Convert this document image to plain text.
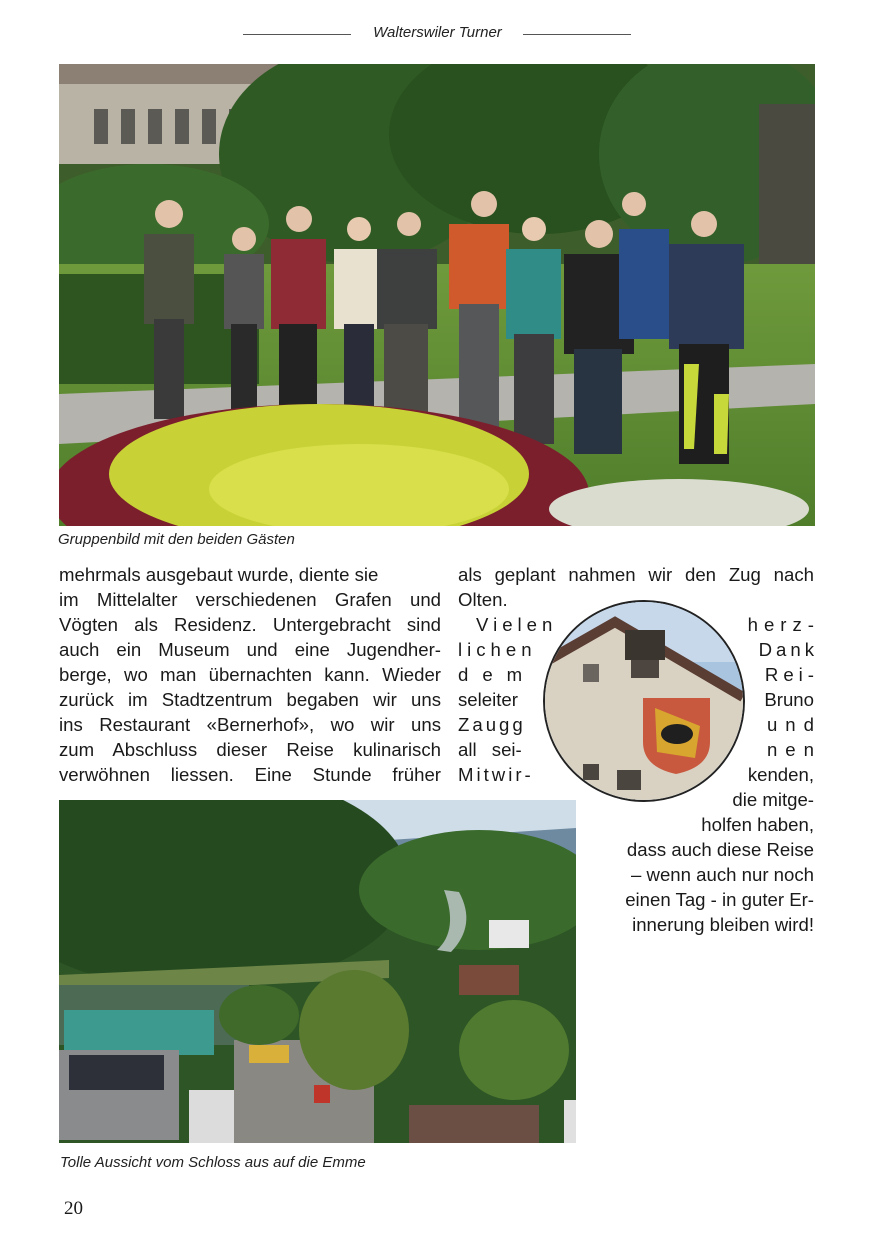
Walterswiler Turner
Gruppenbild mit den beiden Gästen

mehrmals ausgebaut wurde, diente sie

im Mittelalter verschiedenen Grafen und

Vögten als Residenz. Untergebracht sind

auch ein Museum und eine Jugendher-

berge, wo man übernachten kann. Wieder

zurück im Stadtzentrum begaben wir uns

ins Restaurant «Bernerhof», wo wir uns

zum Abschluss dieser Reise kulinarisch

verwöhnen liessen. Eine Stunde früher

als geplant nahmen wir den Zug nach

Olten.

Vielen

lichen

dem

seleiter

Zaugg

all sei-

Mitwir-

herz-

Dank

Rei-

Bruno

und

nen

kenden,

die mitge-

holfen haben,

dass auch diese Reise

– wenn auch nur noch

einen Tag - in guter Er-

innerung bleiben wird!

Tolle Aussicht vom Schloss aus auf die Emme
20
